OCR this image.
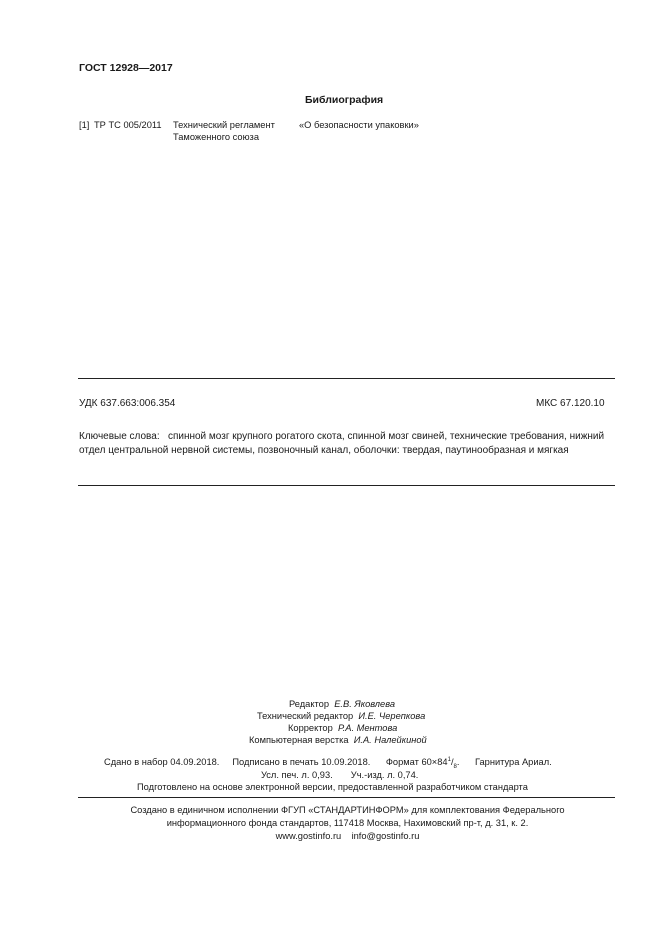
ГОСТ 12928—2017
Библиография
[1] ТР ТС 005/2011 Технический регламент
Таможенного союза
«О безопасности упаковки»
УДК 637.663:006.354	МКС 67.120.10
Ключевые слова: спинной мозг крупного рогатого скота, спинной мозг свиней, технические требования, нижний отдел центральной нервной системы, позвоночный канал, оболочки: твердая, паутинообразная и мягкая
Редактор Е.В. Яковлева
Технический редактор И.Е. Черепкова
Корректор Р.А. Ментова
Компьютерная верстка И.А. Налейкиной
Сдано в набор 04.09.2018. Подписано в печать 10.09.2018. Формат $60\times 84^1/_8$. Гарнитура Ариал.
Усл. печ. л. 0,93. Уч.-изд. л. 0,74.
Подготовлено на основе электронной версии, предоставленной разработчиком стандарта
Создано в единичном исполнении ФГУП «СТАНДАРТИНФОРМ» для комплектования Федерального
информационного фонда стандартов, 117418 Москва, Нахимовский пр-т, д. 31, к. 2.
www.gostinfo.ru info@gostinfo.ru
